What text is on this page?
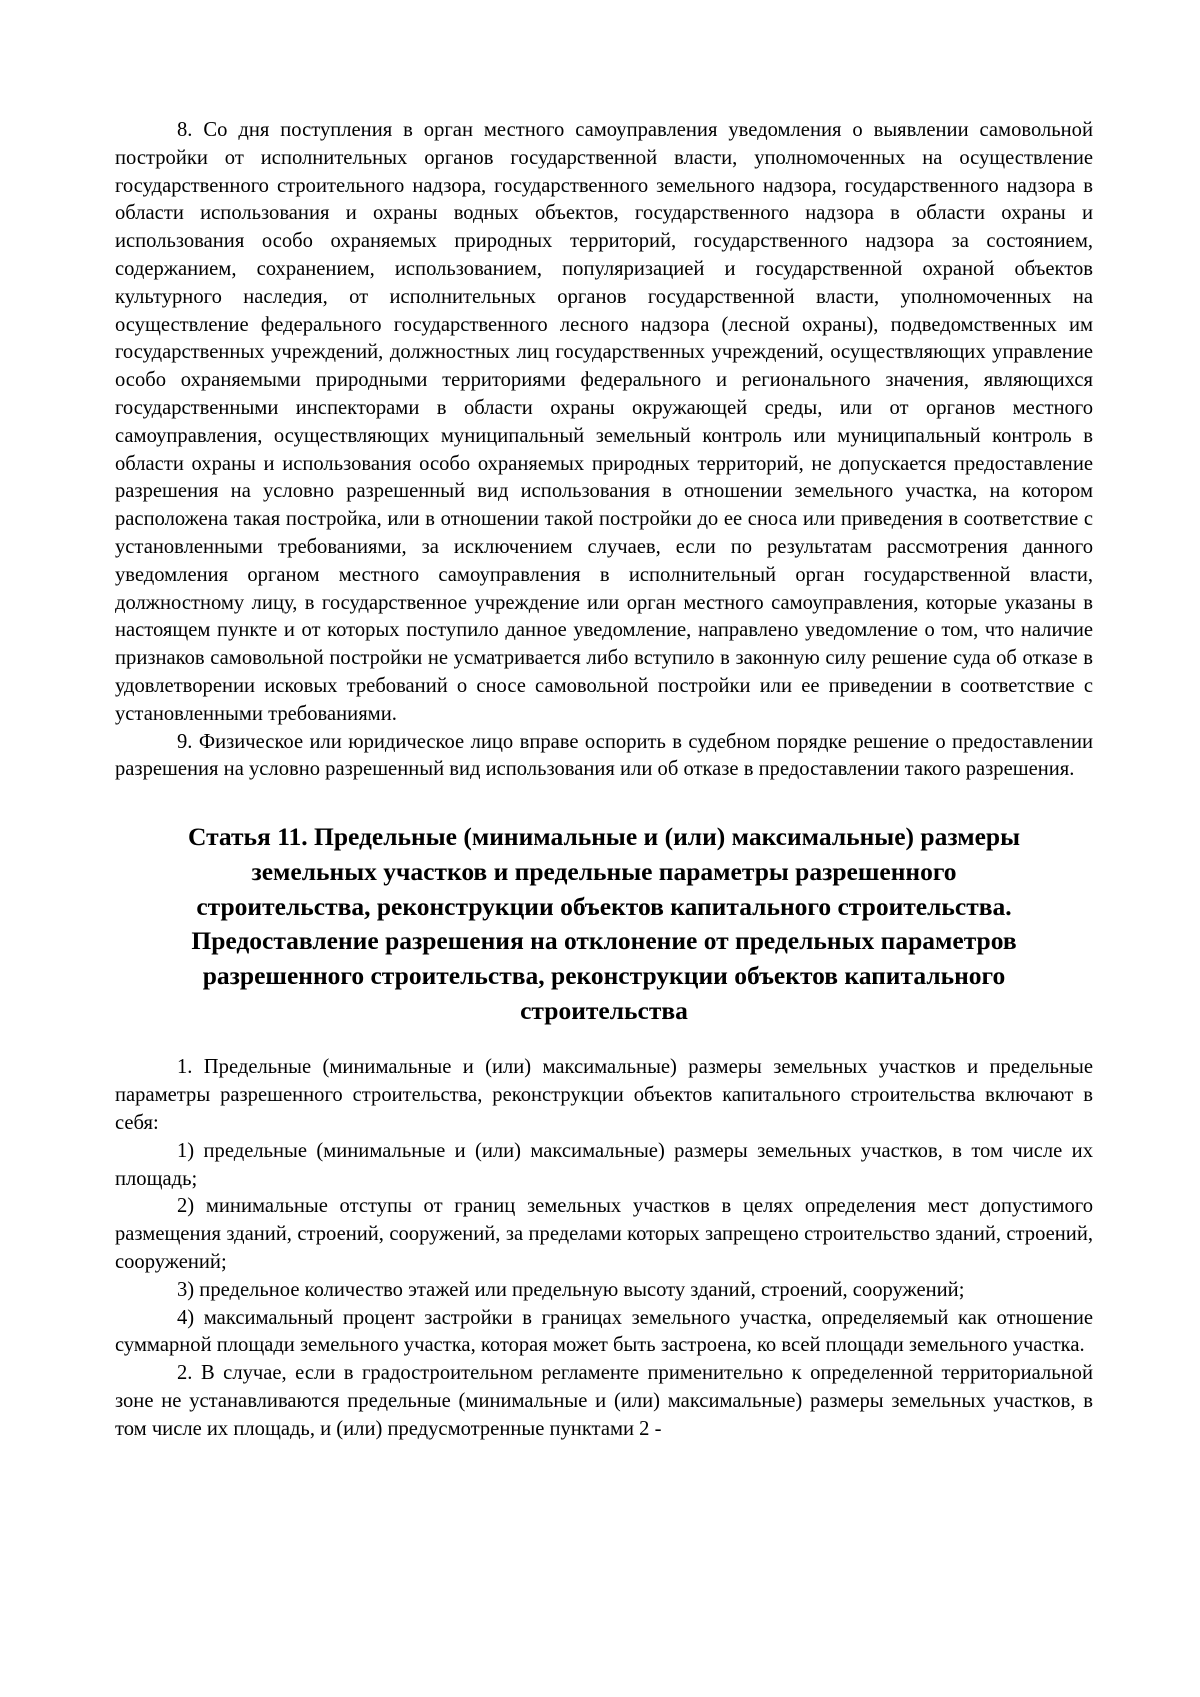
8. Со дня поступления в орган местного самоуправления уведомления о выявлении самовольной постройки от исполнительных органов государственной власти, уполномоченных на осуществление государственного строительного надзора, государственного земельного надзора, государственного надзора в области использования и охраны водных объектов, государственного надзора в области охраны и использования особо охраняемых природных территорий, государственного надзора за состоянием, содержанием, сохранением, использованием, популяризацией и государственной охраной объектов культурного наследия, от исполнительных органов государственной власти, уполномоченных на осуществление федерального государственного лесного надзора (лесной охраны), подведомственных им государственных учреждений, должностных лиц государственных учреждений, осуществляющих управление особо охраняемыми природными территориями федерального и регионального значения, являющихся государственными инспекторами в области охраны окружающей среды, или от органов местного самоуправления, осуществляющих муниципальный земельный контроль или муниципальный контроль в области охраны и использования особо охраняемых природных территорий, не допускается предоставление разрешения на условно разрешенный вид использования в отношении земельного участка, на котором расположена такая постройка, или в отношении такой постройки до ее сноса или приведения в соответствие с установленными требованиями, за исключением случаев, если по результатам рассмотрения данного уведомления органом местного самоуправления в исполнительный орган государственной власти, должностному лицу, в государственное учреждение или орган местного самоуправления, которые указаны в настоящем пункте и от которых поступило данное уведомление, направлено уведомление о том, что наличие признаков самовольной постройки не усматривается либо вступило в законную силу решение суда об отказе в удовлетворении исковых требований о сносе самовольной постройки или ее приведении в соответствие с установленными требованиями.

9. Физическое или юридическое лицо вправе оспорить в судебном порядке решение о предоставлении разрешения на условно разрешенный вид использования или об отказе в предоставлении такого разрешения.

Статья 11. Предельные (минимальные и (или) максимальные) размеры
земельных участков и предельные параметры разрешенного
строительства, реконструкции объектов капитального строительства.
Предоставление разрешения на отклонение от предельных параметров
разрешенного строительства, реконструкции объектов капитального
строительства

1. Предельные (минимальные и (или) максимальные) размеры земельных участков и предельные параметры разрешенного строительства, реконструкции объектов капитального строительства включают в себя:

1) предельные (минимальные и (или) максимальные) размеры земельных участков, в том числе их площадь;

2) минимальные отступы от границ земельных участков в целях определения мест допустимого размещения зданий, строений, сооружений, за пределами которых запрещено строительство зданий, строений, сооружений;

3) предельное количество этажей или предельную высоту зданий, строений, сооружений;

4) максимальный процент застройки в границах земельного участка, определяемый как отношение суммарной площади земельного участка, которая может быть застроена, ко всей площади земельного участка.

2. В случае, если в градостроительном регламенте применительно к определенной территориальной зоне не устанавливаются предельные (минимальные и (или) максимальные) размеры земельных участков, в том числе их площадь, и (или) предусмотренные пунктами 2 -
